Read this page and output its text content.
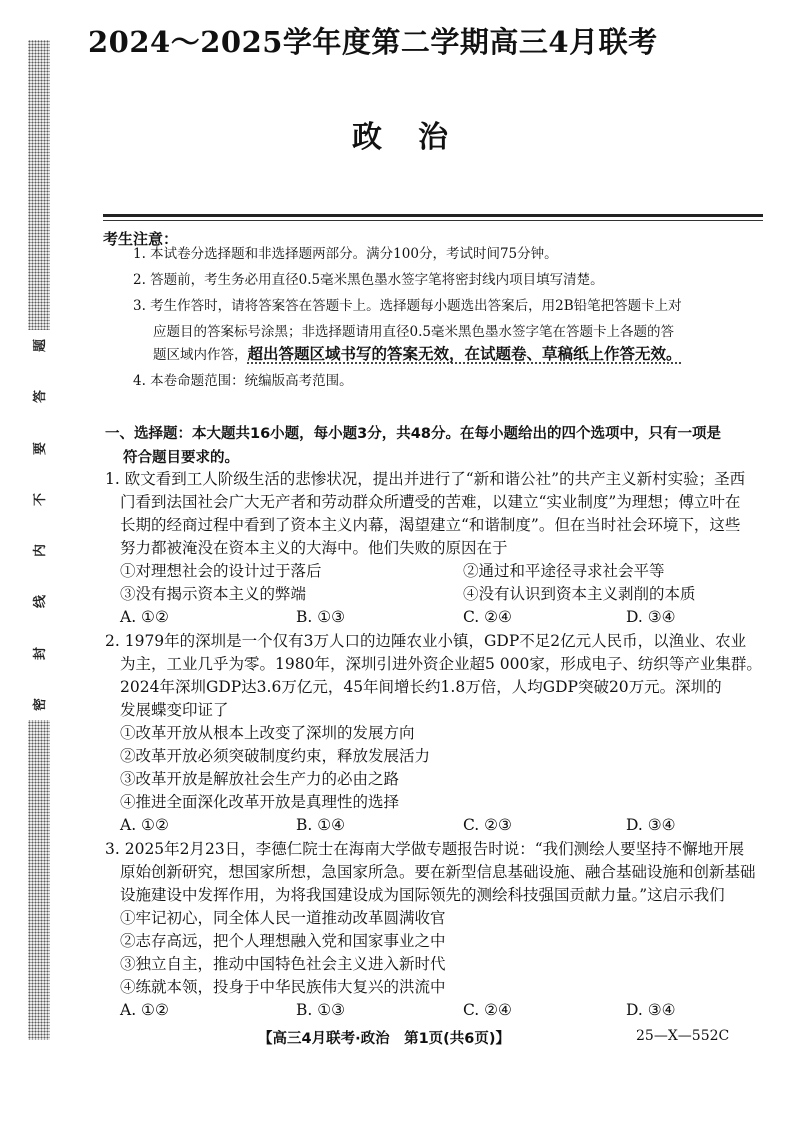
题
答
要
不
内
线
封
密
2024～2025学年度第二学期高三4月联考
政治
考生注意：
1. 本试卷分选择题和非选择题两部分。满分100分，考试时间75分钟。
2. 答题前，考生务必用直径0.5毫米黑色墨水签字笔将密封线内项目填写清楚。
3. 考生作答时，请将答案答在答题卡上。选择题每小题选出答案后，用2B铅笔把答题卡上对
应题目的答案标号涂黑；非选择题请用直径0.5毫米黑色墨水签字笔在答题卡上各题的答
题区域内作答，超出答题区域书写的答案无效，在试题卷、草稿纸上作答无效。
4. 本卷命题范围：统编版高考范围。
一、选择题：本大题共16小题，每小题3分，共48分。在每小题给出的四个选项中，只有一项是
符合题目要求的。
1. 欧文看到工人阶级生活的悲惨状况，提出并进行了“新和谐公社”的共产主义新村实验；圣西
门看到法国社会广大无产者和劳动群众所遭受的苦难，以建立“实业制度”为理想；傅立叶在
长期的经商过程中看到了资本主义内幕，渴望建立“和谐制度”。但在当时社会环境下，这些
努力都被淹没在资本主义的大海中。他们失败的原因在于
①对理想社会的设计过于落后	②通过和平途径寻求社会平等
③没有揭示资本主义的弊端	④没有认识到资本主义剥削的本质
A. ①②	B. ①③	C. ②④	D. ③④
2. 1979年的深圳是一个仅有3万人口的边陲农业小镇，GDP不足2亿元人民币，以渔业、农业
为主，工业几乎为零。1980年，深圳引进外资企业超5 000家，形成电子、纺织等产业集群。
2024年深圳GDP达3.6万亿元，45年间增长约1.8万倍，人均GDP突破20万元。深圳的
发展蝶变印证了
①改革开放从根本上改变了深圳的发展方向
②改革开放必须突破制度约束，释放发展活力
③改革开放是解放社会生产力的必由之路
④推进全面深化改革开放是真理性的选择
A. ①②	B. ①④	C. ②③	D. ③④
3. 2025年2月23日，李德仁院士在海南大学做专题报告时说：“我们测绘人要坚持不懈地开展
原始创新研究，想国家所想，急国家所急。要在新型信息基础设施、融合基础设施和创新基础
设施建设中发挥作用，为将我国建设成为国际领先的测绘科技强国贡献力量。”这启示我们
①牢记初心，同全体人民一道推动改革圆满收官
②志存高远，把个人理想融入党和国家事业之中
③独立自主，推动中国特色社会主义进入新时代
④练就本领，投身于中华民族伟大复兴的洪流中
A. ①②	B. ①③	C. ②④	D. ③④
【高三4月联考·政治　第1页(共6页)】	25—X—552C
